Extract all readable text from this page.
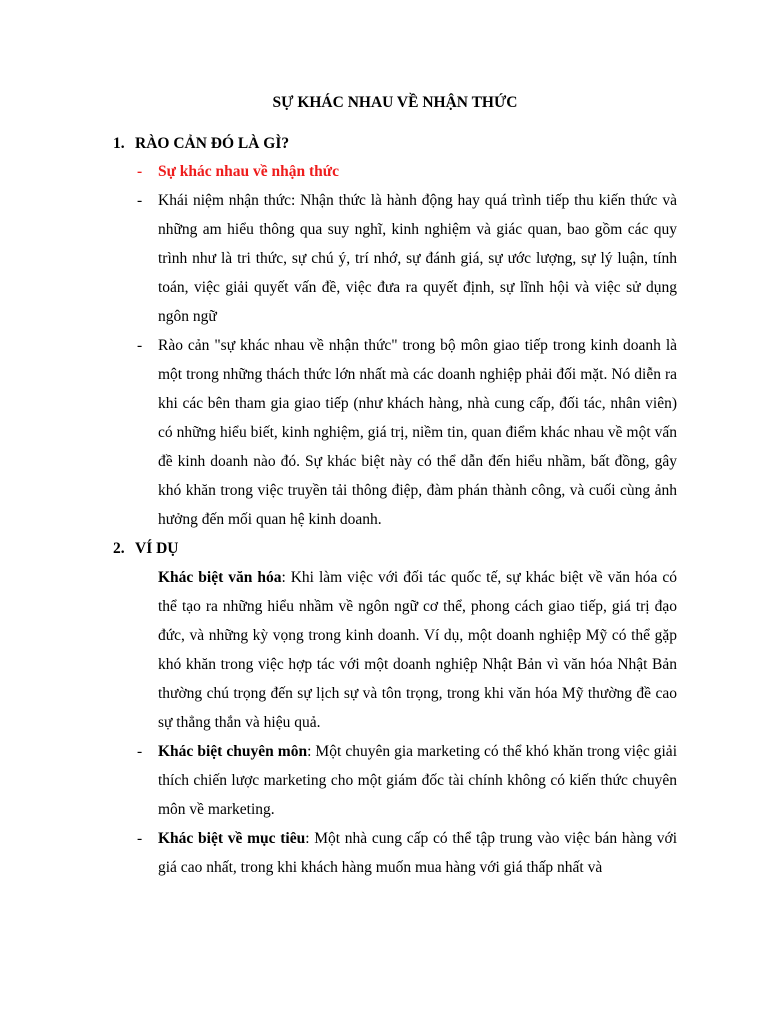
SỰ KHÁC NHAU VỀ NHẬN THỨC
1. RÀO CẢN ĐÓ LÀ GÌ?
-	Sự khác nhau về nhận thức
-	Khái niệm nhận thức: Nhận thức là hành động hay quá trình tiếp thu kiến thức và những am hiểu thông qua suy nghĩ, kinh nghiệm và giác quan, bao gồm các quy trình như là tri thức, sự chú ý, trí nhớ, sự đánh giá, sự ước lượng, sự lý luận, tính toán, việc giải quyết vấn đề, việc đưa ra quyết định, sự lĩnh hội và việc sử dụng ngôn ngữ
-	Rào cản "sự khác nhau về nhận thức" trong bộ môn giao tiếp trong kinh doanh là một trong những thách thức lớn nhất mà các doanh nghiệp phải đối mặt. Nó diễn ra khi các bên tham gia giao tiếp (như khách hàng, nhà cung cấp, đối tác, nhân viên) có những hiểu biết, kinh nghiệm, giá trị, niềm tin, quan điểm khác nhau về một vấn đề kinh doanh nào đó. Sự khác biệt này có thể dẫn đến hiểu nhầm, bất đồng, gây khó khăn trong việc truyền tải thông điệp, đàm phán thành công, và cuối cùng ảnh hưởng đến mối quan hệ kinh doanh.
2. VÍ DỤ
Khác biệt văn hóa: Khi làm việc với đối tác quốc tế, sự khác biệt về văn hóa có thể tạo ra những hiểu nhầm về ngôn ngữ cơ thể, phong cách giao tiếp, giá trị đạo đức, và những kỳ vọng trong kinh doanh. Ví dụ, một doanh nghiệp Mỹ có thể gặp khó khăn trong việc hợp tác với một doanh nghiệp Nhật Bản vì văn hóa Nhật Bản thường chú trọng đến sự lịch sự và tôn trọng, trong khi văn hóa Mỹ thường đề cao sự thẳng thắn và hiệu quả.
-	Khác biệt chuyên môn: Một chuyên gia marketing có thể khó khăn trong việc giải thích chiến lược marketing cho một giám đốc tài chính không có kiến thức chuyên môn về marketing.
-	Khác biệt về mục tiêu: Một nhà cung cấp có thể tập trung vào việc bán hàng với giá cao nhất, trong khi khách hàng muốn mua hàng với giá thấp nhất và
